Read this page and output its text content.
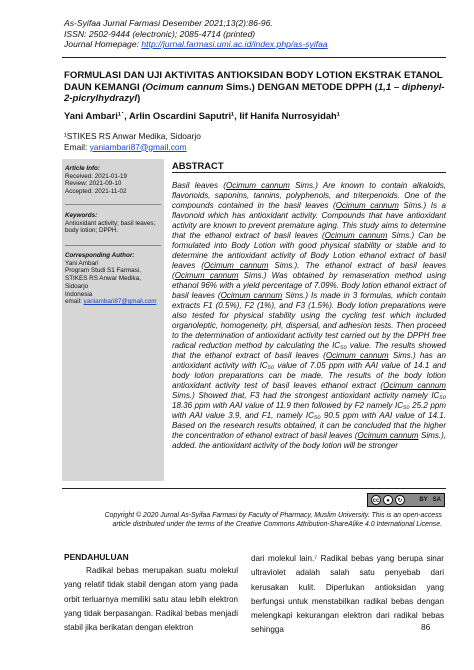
As-Syifaa Jurnal Farmasi Desember 2021;13(2):86-96.
ISSN: 2502-9444 (electronic); 2085-4714 (printed)
Journal Homepage: http://jurnal.farmasi.umi.ac.id/index.php/as-syifaa
FORMULASI DAN UJI AKTIVITAS ANTIOKSIDAN BODY LOTION EKSTRAK ETANOL DAUN KEMANGI (Ocimum cannum Sims.) DENGAN METODE DPPH (1,1 – diphenyl-2-picrylhydrazyl)
Yani Ambari¹˙, Arlin Oscardini Saputri¹, Iif Hanifa Nurrosyidah¹
¹STIKES RS Anwar Medika, Sidoarjo
Email: yaniambari87@gmail.com
Article Info:
Received: 2021-01-19
Review: 2021-09-10
Accepted: 2021-11-02
Keywords:
Antioxidant activity; basil leaves; body lotion; DPPH.
Corresponding Author:
Yani Ambari
Program Studi S1 Farmasi,
STIKES RS Anwar Medika,
Sidoarjo
Indonesia
email: yaniambari87@gmail.com
ABSTRACT
Basil leaves (Ocimum cannum Sims.) Are known to contain alkaloids, flavonoids, saponins, tannins, polyphenols, and triterpenoids. One of the compounds contained in the basil leaves (Ocimum cannum Sims.) Is a flavonoid which has antioxidant activity. Compounds that have antioxidant activity are known to prevent premature aging. This study aims to determine that the ethanol extract of basil leaves (Ocimum cannum Sims.) Can be formulated into Body Lotion with good physical stability or stable and to determine the antioxidant activity of Body Lotion ethanol extract of basil leaves (Ocimum cannum Sims.). The ethanol extract of basil leaves (Ocimum cannum Sims.) Was obtained by remaseration method using ethanol 96% with a yield percentage of 7.09%. Body lotion ethanol extract of basil leaves (Ocimum cannum Sims.) Is made in 3 formulas, which contain extracts F1 (0.5%), F2 (1%), and F3 (1.5%). Body lotion preparations were also tested for physical stability using the cycling test which included organoleptic, homogeneity, pH, dispersal, and adhesion tests. Then proceed to the determination of antioxidant activity test carried out by the DPPH free radical reduction method by calculating the IC₅₀ value. The results showed that the ethanol extract of basil leaves (Ocimum cannum Sims.) has an antioxidant activity with IC₅₀ value of 7.05 ppm with AAI value of 14.1 and body lotion preparations can be made. The results of the body lotion antioxidant activity test of basil leaves ethanol extract (Ocimum cannum Sims.) Showed that, F3 had the strongest antioxidant activity namely IC₅₀ 18.36 ppm with AAI value of 11.9 then followed by F2 namely IC₅₀ 25.2 ppm with AAI value 3.9, and F1, namely IC₅₀ 90.5 ppm with AAI value of 14.1. Based on the research results obtained, it can be concluded that the higher the concentration of ethanol extract of basil leaves (Ocimum cannum Sims.), added. the antioxidant activity of the body lotion will be stronger
cc	●	↻	BY SA
Copyright © 2020 Jurnal As-Syifaa Farmasi by Faculty of Pharmacy, Muslim University. This is an open-access article distributed under the terms of the Creative Commons Attribution-ShareAlike 4.0 International License.
PENDAHULUAN
Radikal bebas merupakan suatu molekul yang relatif tidak stabil dengan atom yang pada orbit terluarnya memiliki satu atau lebih elektron yang tidak berpasangan. Radikal bebas menjadi stabil jika berikatan dengan elektron
dari molekul lain.⁷ Radikal bebas yang berupa sinar ultraviolet adalah salah satu penyebab dari kerusakan kulit. Diperlukan antioksidan yang berfungsi untuk menstabilkan radikal bebas dengan melengkapi kekurangan elektron dari radikal bebas sehingga	86
